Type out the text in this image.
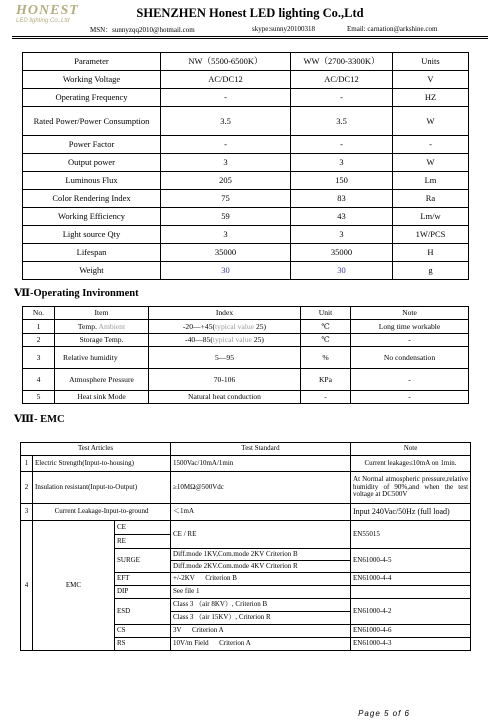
HONEST
LED lighting Co.,Ltd
SHENZHEN Honest LED lighting Co.,Ltd
MSN：sunnyzqq2010@hotmail.com	skype:sunny20100318	Email: carnation@arkshine.com
Parameter	NW（5500-6500K）	WW（2700-3300K）	Units
Working Voltage	AC/DC12	AC/DC12	V
Operating Frequency	-	-	HZ
Rated Power/Power Consumption	3.5	3.5	W
Power Factor	-	-	-
Output power	3	3	W
Luminous Flux	205	150	Lm
Color Rendering Index	75	83	Ra
Working Efficiency	59	43	Lm/w
Light source Qty	3	3	1W/PCS
Lifespan	35000	35000	H
Weight	30	30	g
Ⅶ-Operating Invironment
No.	Item	Index	Unit	Note
1	Temp. Ambient	-20—+45(typical value 25)	℃	Long time workable
2	Storage Temp.	-40—85(typical value 25)	℃	-
3	Relative humidity	5—95	%	No condensation
4	Atmosphere Pressure	70-106	KPa	-
5	Heat sink Mode	Natural heat conduction	-	-
Ⅷ- EMC
Test Articles			Test Standard	Note
1	Electric Strength(Input-to-housing)		1500Vac/10mA/1min	Current leakage≤10mA on 1min.
2	Insulation resistant(Input-to-Output)		≥10MΩ@500Vdc	At Normal atmospheric pressure,relative humidity of 90%,and when the test voltage at DC500V
3	Current Leakage-Input-to-ground		＜1mA	Input 240Vac/50Hz (full load)
4	EMC	CE	CE / RE	EN55015
		RE		
		SURGE	Diff.mode 1KV,Com.mode 2KV Criterion B	EN61000-4-5
			Diff.mode 2KV.Com.mode 4KV Criterion R	
		EFT	+/-2KV      Criterion B	EN61000-4-4
		DIP	See file 1	
		ESD	Class 3 （air 8KV）, Criterion B	EN61000-4-2
			Class 3 （air 15KV）, Criterion R	
		CS	3V      Criterion A	EN61000-4-6
		RS	10V/m Field      Criterion A	EN61000-4-3
Page 5 of 6
